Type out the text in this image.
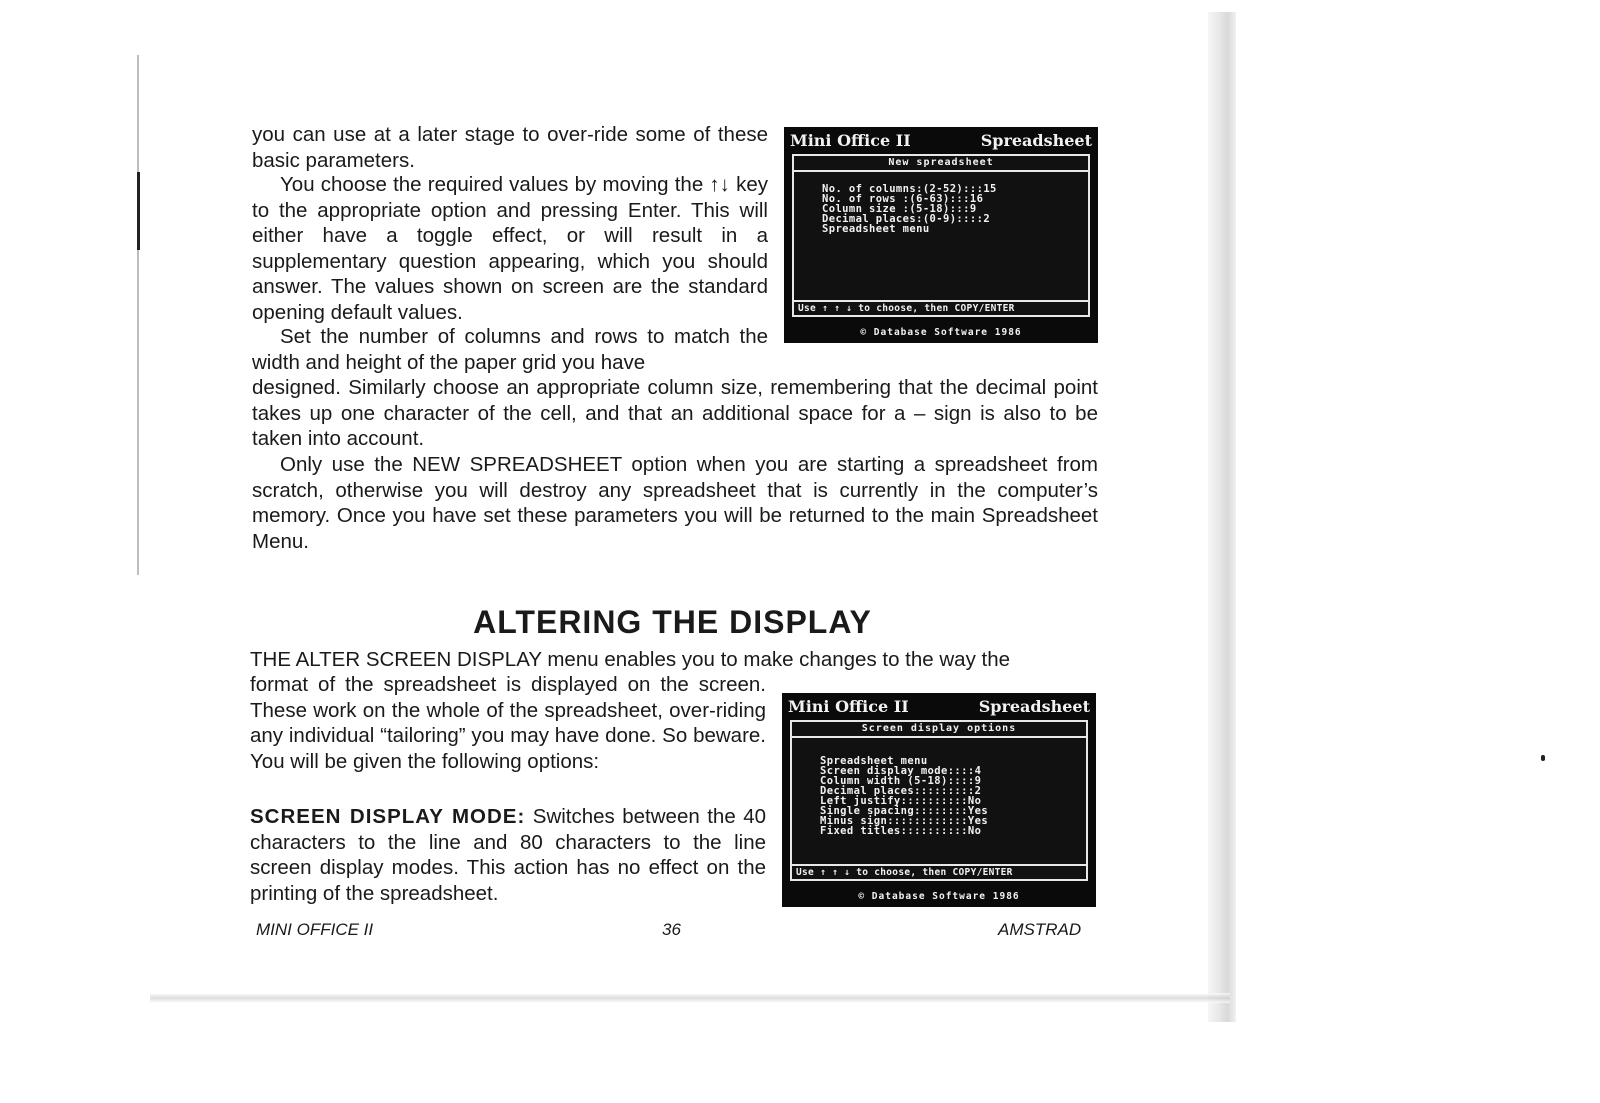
you can use at a later stage to over-ride some of these basic parameters.

You choose the required values by moving the ↑↓ key to the appropriate option and pressing Enter. This will either have a toggle effect, or will result in a supplementary question appearing, which you should answer. The values shown on screen are the standard opening default values.

Set the number of columns and rows to match the width and height of the paper grid you have

designed. Similarly choose an appropriate column size, remembering that the decimal point takes up one character of the cell, and that an additional space for a – sign is also to be taken into account.

Only use the NEW SPREADSHEET option when you are starting a spreadsheet from scratch, otherwise you will destroy any spreadsheet that is currently in the computer’s memory. Once you have set these parameters you will be returned to the main Spreadsheet Menu.

Mini Office II	Spreadsheet
New spreadsheet
No. of columns:(2-52):::15
No. of rows :(6-63):::16
Column size :(5-18):::9
Decimal places:(0-9)::::2
Spreadsheet menu
Use ↑ ↑ ↓ to choose, then COPY/ENTER
© Database Software 1986
ALTERING THE DISPLAY

THE ALTER SCREEN DISPLAY menu enables you to make changes to the way the

format of the spreadsheet is displayed on the screen. These work on the whole of the spreadsheet, over-riding any individual “tailoring” you may have done. So beware. You will be given the following options:

SCREEN DISPLAY MODE: Switches between the 40 characters to the line and 80 characters to the line screen display modes. This action has no effect on the printing of the spreadsheet.

Mini Office II	Spreadsheet
Screen display options
Spreadsheet menu
Screen display mode::::4
Column width (5-18)::::9
Decimal places:::::::::2
Left justify::::::::::No
Single spacing::::::::Yes
Minus sign::::::::::::Yes
Fixed titles::::::::::No
Use ↑ ↑ ↓ to choose, then COPY/ENTER
© Database Software 1986
MINI OFFICE II	36	AMSTRAD
